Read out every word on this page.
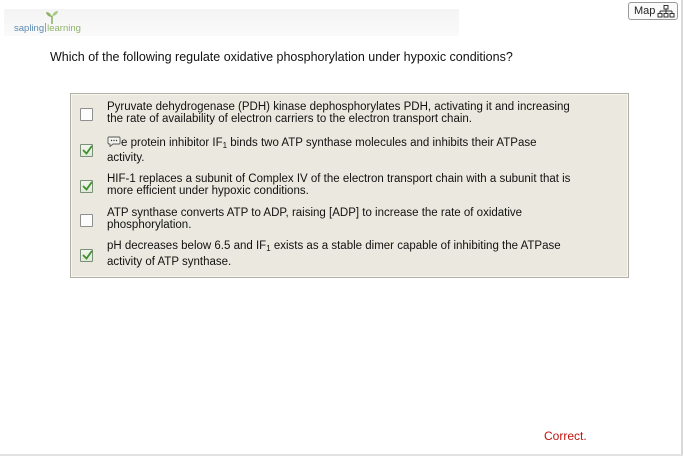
sapling learning
Map
Which of the following regulate oxidative phosphorylation under hypoxic conditions?
Pyruvate dehydrogenase (PDH) kinase dephosphorylates PDH, activating it and increasing
the rate of availability of electron carriers to the electron transport chain.
e protein inhibitor $IF_1$ binds two ATP synthase molecules and inhibits their ATPase
activity.
HIF-1 replaces a subunit of Complex IV of the electron transport chain with a subunit that is
more efficient under hypoxic conditions.
ATP synthase converts ATP to ADP, raising [ADP] to increase the rate of oxidative
phosphorylation.
pH decreases below 6.5 and $IF_1$ exists as a stable dimer capable of inhibiting the ATPase
activity of ATP synthase.
Correct.
